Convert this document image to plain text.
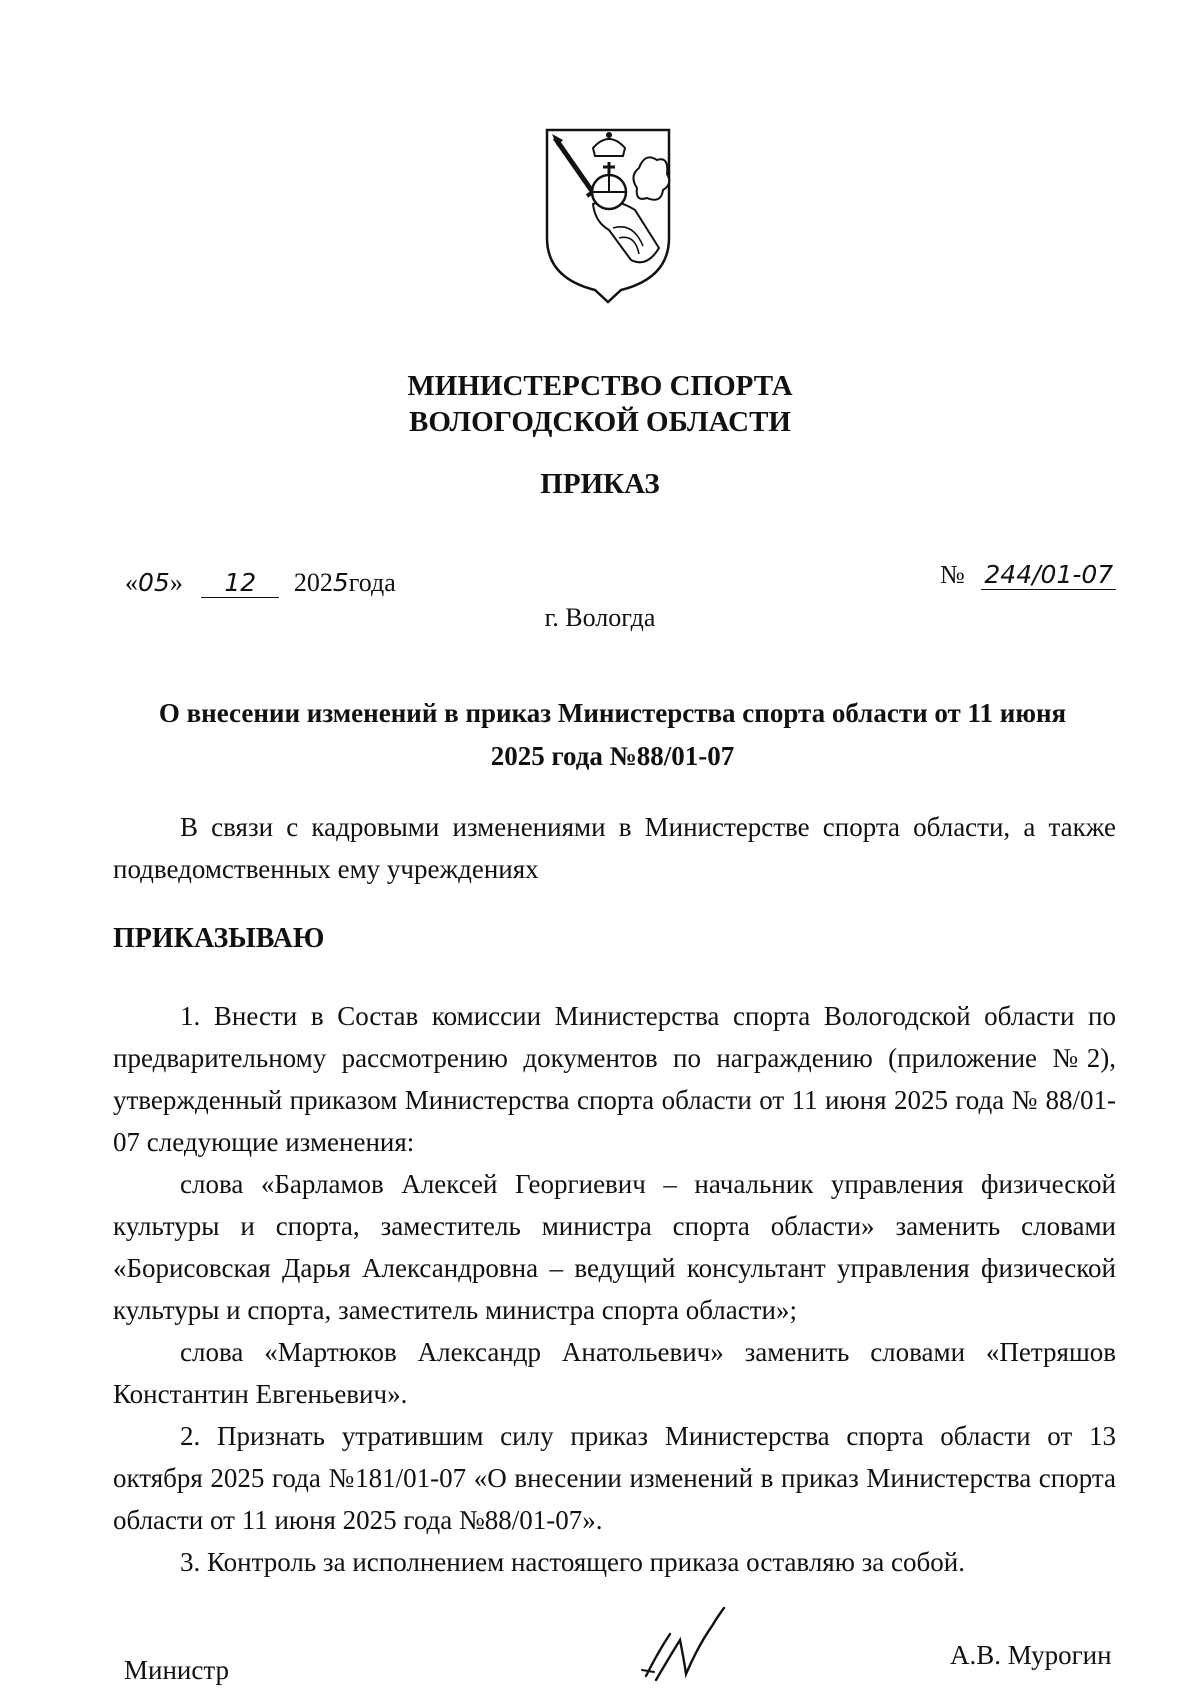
МИНИСТЕРСТВО СПОРТА
ВОЛОГОДСКОЙ ОБЛАСТИ
ПРИКАЗ
«05» 12 2025года	№ 244/01-07
г. Вологда
О внесении изменений в приказ Министерства спорта области от 11 июня
2025 года №88/01-07

В связи с кадровыми изменениями в Министерстве спорта области, а также подведомственных ему учреждениях

ПРИКАЗЫВАЮ

1. Внести в Состав комиссии Министерства спорта Вологодской области по предварительному рассмотрению документов по награждению (приложение №2), утвержденный приказом Министерства спорта области от 11 июня 2025 года № 88/01-07 следующие изменения:

слова «Барламов Алексей Георгиевич – начальник управления физической культуры и спорта, заместитель министра спорта области» заменить словами «Борисовская Дарья Александровна – ведущий консультант управления физической культуры и спорта, заместитель министра спорта области»;

слова «Мартюков Александр Анатольевич» заменить словами «Петряшов Константин Евгеньевич».

2. Признать утратившим силу приказ Министерства спорта области от 13 октября 2025 года №181/01-07 «О внесении изменений в приказ Министерства спорта области от 11 июня 2025 года №88/01-07».

3. Контроль за исполнением настоящего приказа оставляю за собой.

Министр	А.В. Мурогин
